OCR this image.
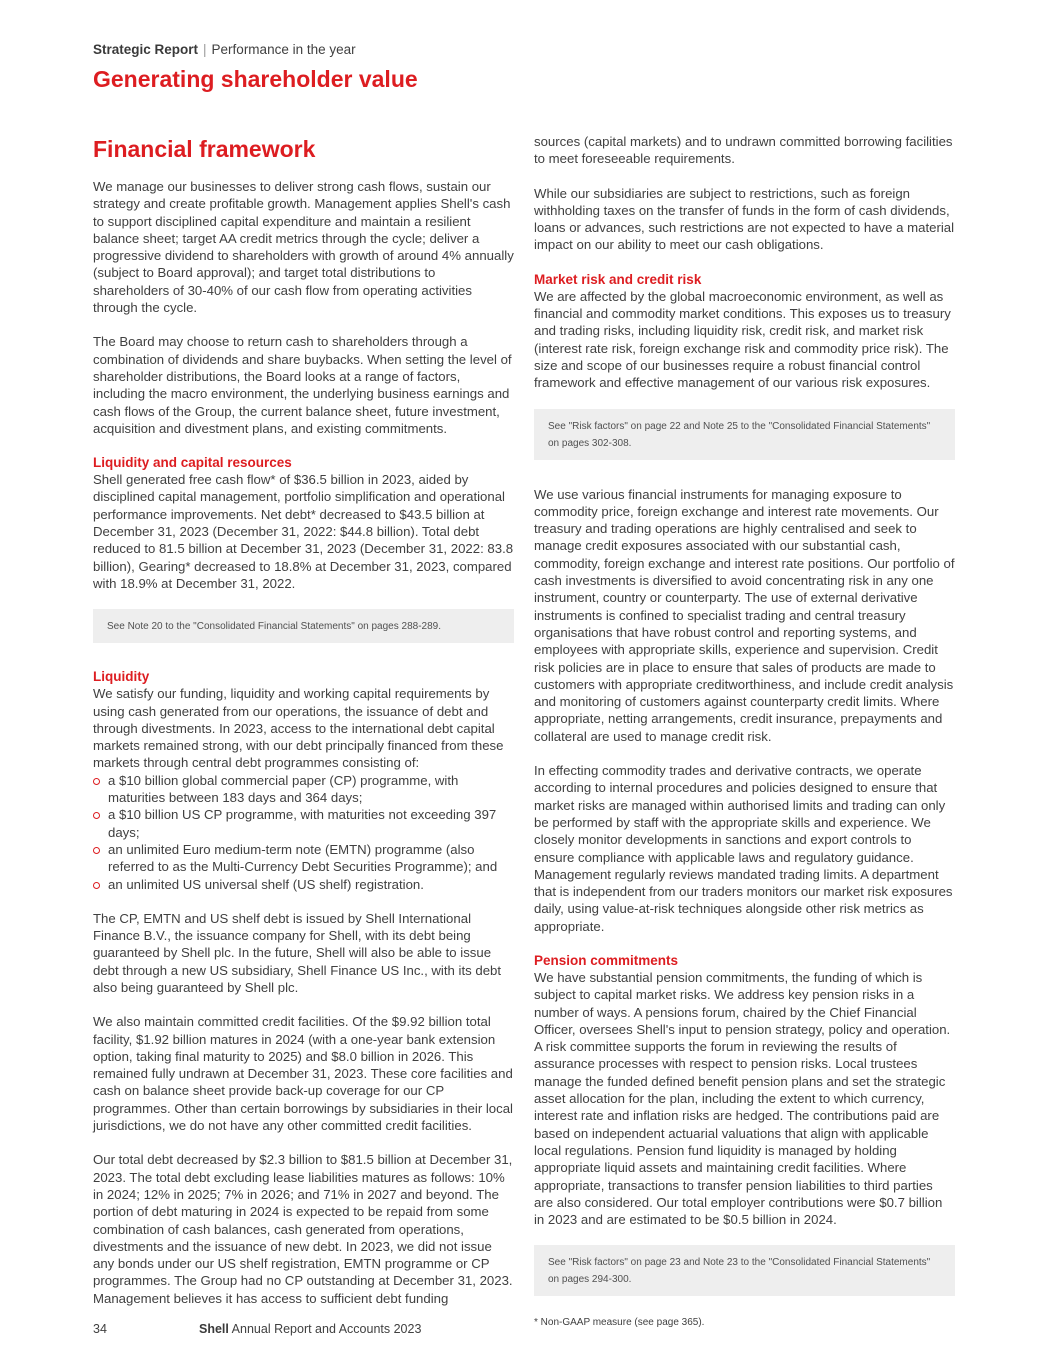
Strategic Report | Performance in the year
Generating shareholder value
Financial framework

We manage our businesses to deliver strong cash flows, sustain our strategy and create profitable growth. Management applies Shell's cash to support disciplined capital expenditure and maintain a resilient balance sheet; target AA credit metrics through the cycle; deliver a progressive dividend to shareholders with growth of around 4% annually (subject to Board approval); and target total distributions to shareholders of 30-40% of our cash flow from operating activities through the cycle.

The Board may choose to return cash to shareholders through a combination of dividends and share buybacks. When setting the level of shareholder distributions, the Board looks at a range of factors, including the macro environment, the underlying business earnings and cash flows of the Group, the current balance sheet, future investment, acquisition and divestment plans, and existing commitments.

Liquidity and capital resources

Shell generated free cash flow* of $36.5 billion in 2023, aided by disciplined capital management, portfolio simplification and operational performance improvements. Net debt* decreased to $43.5 billion at December 31, 2023 (December 31, 2022: $44.8 billion). Total debt reduced to 81.5 billion at December 31, 2023 (December 31, 2022: 83.8 billion), Gearing* decreased to 18.8% at December 31, 2023, compared with 18.9% at December 31, 2022.

See Note 20 to the "Consolidated Financial Statements" on pages 288-289.
Liquidity

We satisfy our funding, liquidity and working capital requirements by using cash generated from our operations, the issuance of debt and through divestments. In 2023, access to the international debt capital markets remained strong, with our debt principally financed from these markets through central debt programmes consisting of:

a $10 billion global commercial paper (CP) programme, with maturities between 183 days and 364 days;
a $10 billion US CP programme, with maturities not exceeding 397 days;
an unlimited Euro medium-term note (EMTN) programme (also referred to as the Multi-Currency Debt Securities Programme); and
an unlimited US universal shelf (US shelf) registration.

The CP, EMTN and US shelf debt is issued by Shell International Finance B.V., the issuance company for Shell, with its debt being guaranteed by Shell plc. In the future, Shell will also be able to issue debt through a new US subsidiary, Shell Finance US Inc., with its debt also being guaranteed by Shell plc.

We also maintain committed credit facilities. Of the $9.92 billion total facility, $1.92 billion matures in 2024 (with a one-year bank extension option, taking final maturity to 2025) and $8.0 billion in 2026. This remained fully undrawn at December 31, 2023. These core facilities and cash on balance sheet provide back-up coverage for our CP programmes. Other than certain borrowings by subsidiaries in their local jurisdictions, we do not have any other committed credit facilities.

Our total debt decreased by $2.3 billion to $81.5 billion at December 31, 2023. The total debt excluding lease liabilities matures as follows: 10% in 2024; 12% in 2025; 7% in 2026; and 71% in 2027 and beyond. The portion of debt maturing in 2024 is expected to be repaid from some combination of cash balances, cash generated from operations, divestments and the issuance of new debt. In 2023, we did not issue any bonds under our US shelf registration, EMTN programme or CP programmes. The Group had no CP outstanding at December 31, 2023. Management believes it has access to sufficient debt funding

sources (capital markets) and to undrawn committed borrowing facilities to meet foreseeable requirements.

While our subsidiaries are subject to restrictions, such as foreign withholding taxes on the transfer of funds in the form of cash dividends, loans or advances, such restrictions are not expected to have a material impact on our ability to meet our cash obligations.

Market risk and credit risk

We are affected by the global macroeconomic environment, as well as financial and commodity market conditions. This exposes us to treasury and trading risks, including liquidity risk, credit risk, and market risk (interest rate risk, foreign exchange risk and commodity price risk). The size and scope of our businesses require a robust financial control framework and effective management of our various risk exposures.

See "Risk factors" on page 22 and Note 25 to the "Consolidated Financial Statements" on pages 302-308.

We use various financial instruments for managing exposure to commodity price, foreign exchange and interest rate movements. Our treasury and trading operations are highly centralised and seek to manage credit exposures associated with our substantial cash, commodity, foreign exchange and interest rate positions. Our portfolio of cash investments is diversified to avoid concentrating risk in any one instrument, country or counterparty. The use of external derivative instruments is confined to specialist trading and central treasury organisations that have robust control and reporting systems, and employees with appropriate skills, experience and supervision. Credit risk policies are in place to ensure that sales of products are made to customers with appropriate creditworthiness, and include credit analysis and monitoring of customers against counterparty credit limits. Where appropriate, netting arrangements, credit insurance, prepayments and collateral are used to manage credit risk.

In effecting commodity trades and derivative contracts, we operate according to internal procedures and policies designed to ensure that market risks are managed within authorised limits and trading can only be performed by staff with the appropriate skills and experience. We closely monitor developments in sanctions and export controls to ensure compliance with applicable laws and regulatory guidance. Management regularly reviews mandated trading limits. A department that is independent from our traders monitors our market risk exposures daily, using value-at-risk techniques alongside other risk metrics as appropriate.

Pension commitments

We have substantial pension commitments, the funding of which is subject to capital market risks. We address key pension risks in a number of ways. A pensions forum, chaired by the Chief Financial Officer, oversees Shell's input to pension strategy, policy and operation. A risk committee supports the forum in reviewing the results of assurance processes with respect to pension risks. Local trustees manage the funded defined benefit pension plans and set the strategic asset allocation for the plan, including the extent to which currency, interest rate and inflation risks are hedged. The contributions paid are based on independent actuarial valuations that align with applicable local regulations. Pension fund liquidity is managed by holding appropriate liquid assets and maintaining credit facilities. Where appropriate, transactions to transfer pension liabilities to third parties are also considered. Our total employer contributions were $0.7 billion in 2023 and are estimated to be $0.5 billion in 2024.

See "Risk factors" on page 23 and Note 23 to the "Consolidated Financial Statements" on pages 294-300.
* Non-GAAP measure (see page 365).
34	Shell Annual Report and Accounts 2023
